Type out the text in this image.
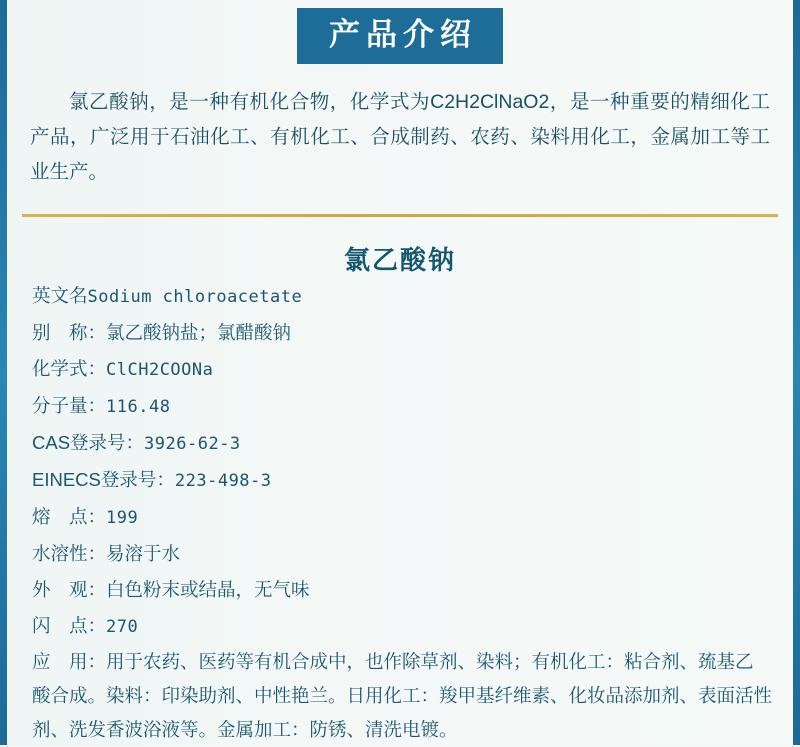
产品介绍
氯乙酸钠，是一种有机化合物，化学式为C2H2ClNaO2，是一种重要的精细化工产品，广泛用于石油化工、有机化工、合成制药、农药、染料用化工，金属加工等工业生产。
氯乙酸钠
英文名 Sodium chloroacetate
别　称： 氯乙酸钠盐；氯醋酸钠
化学式： ClCH2COONa
分子量： 116.48
CAS登录号： 3926-62-3
EINECS登录号： 223-498-3
熔　点： 199
水溶性： 易溶于水
外　观： 白色粉末或结晶，无气味
闪　点： 270
应　用：用于农药、医药等有机合成中，也作除草剂、染料；有机化工：粘合剂、巯基乙酸合成。染料：印染助剂、中性艳兰。日用化工：羧甲基纤维素、化妆品添加剂、表面活性剂、洗发香波浴液等。金属加工：防锈、清洗电镀。
